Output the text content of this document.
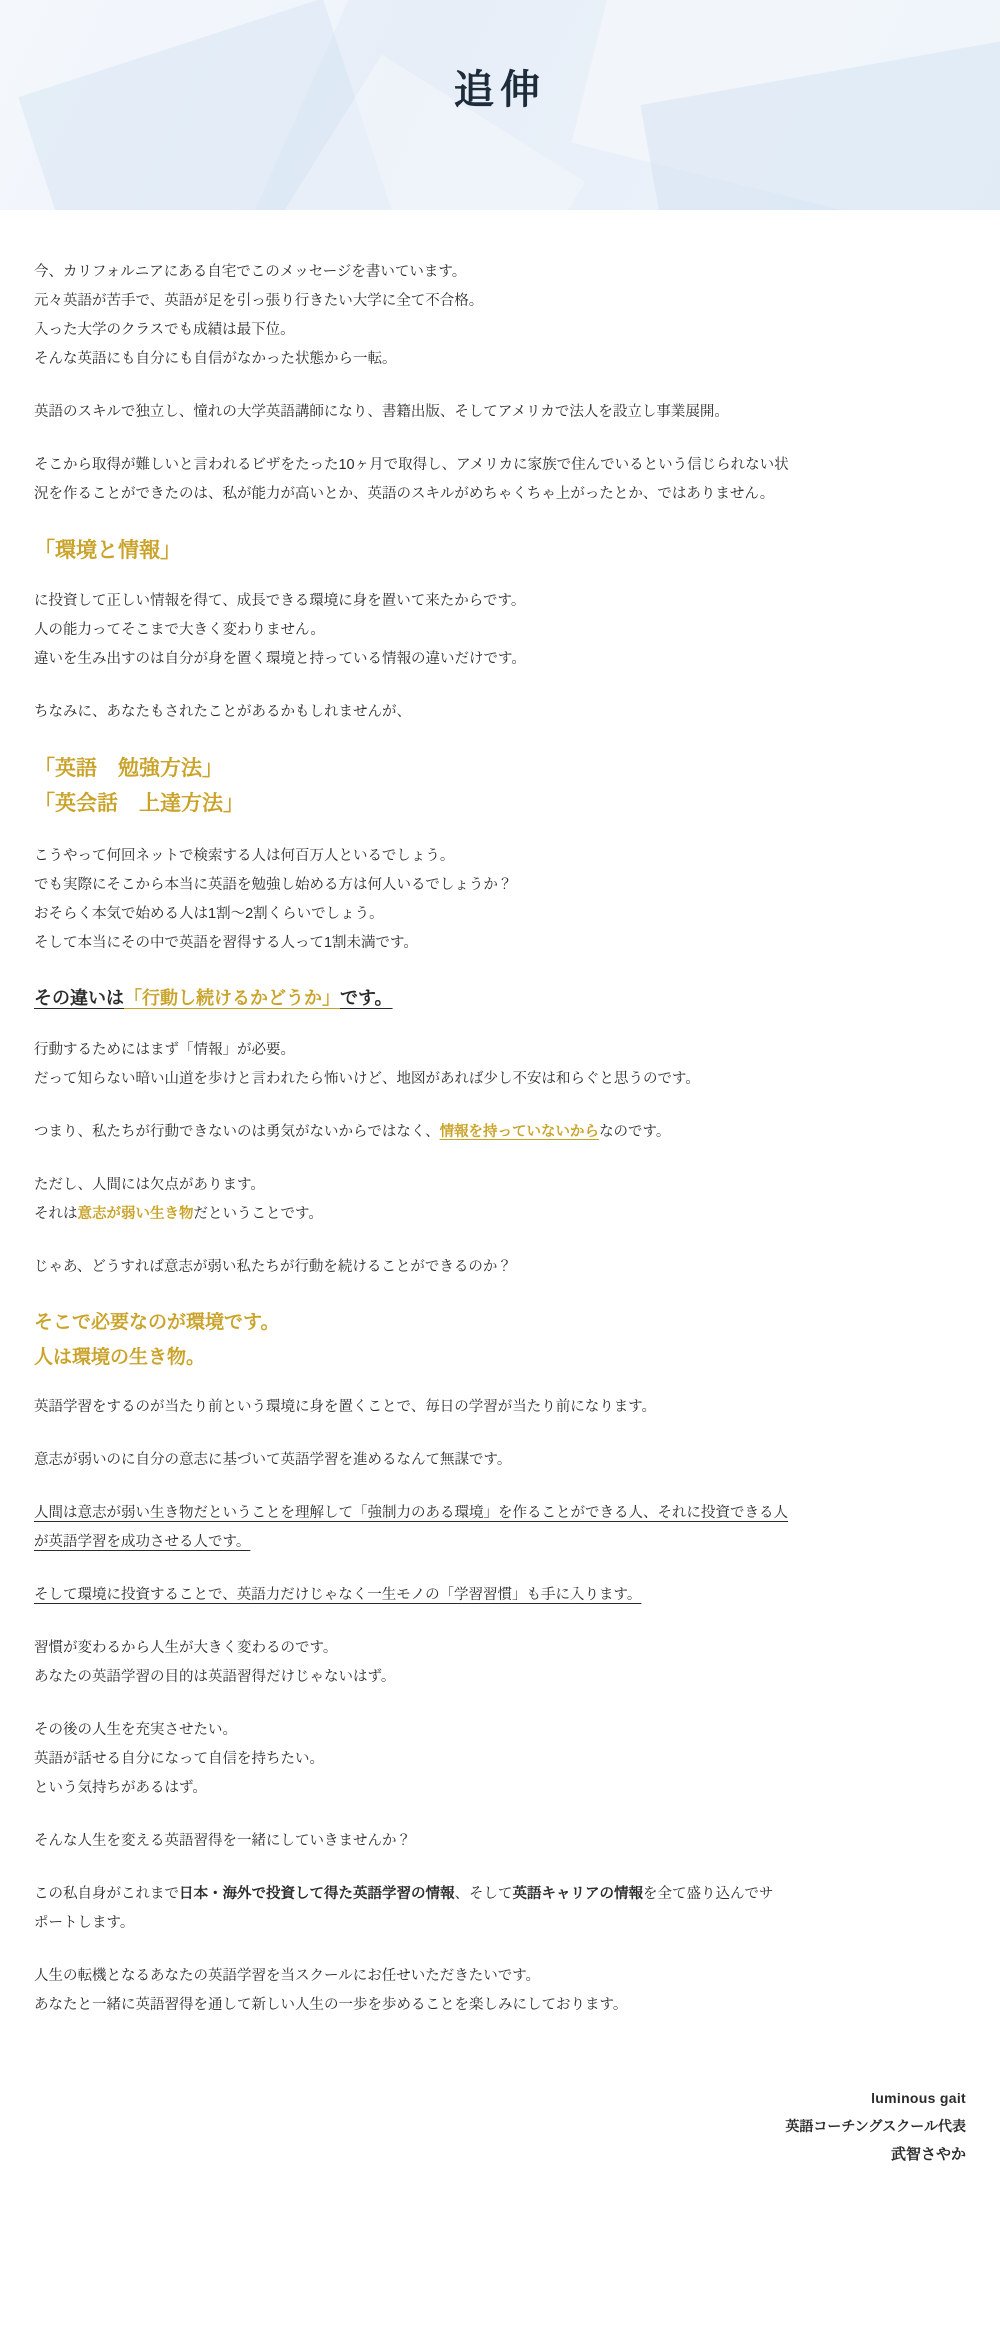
追伸

今、カリフォルニアにある自宅でこのメッセージを書いています。
元々英語が苦手で、英語が足を引っ張り行きたい大学に全て不合格。
入った大学のクラスでも成績は最下位。
そんな英語にも自分にも自信がなかった状態から一転。

英語のスキルで独立し、憧れの大学英語講師になり、書籍出版、そしてアメリカで法人を設立し事業展開。

そこから取得が難しいと言われるビザをたった10ヶ月で取得し、アメリカに家族で住んでいるという信じられない状
況を作ることができたのは、私が能力が高いとか、英語のスキルがめちゃくちゃ上がったとか、ではありません。

「環境と情報」

に投資して正しい情報を得て、成長できる環境に身を置いて来たからです。
人の能力ってそこまで大きく変わりません。
違いを生み出すのは自分が身を置く環境と持っている情報の違いだけです。

ちなみに、あなたもされたことがあるかもしれませんが、

「英語　勉強方法」
「英会話　上達方法」

こうやって何回ネットで検索する人は何百万人といるでしょう。
でも実際にそこから本当に英語を勉強し始める方は何人いるでしょうか？
おそらく本気で始める人は1割〜2割くらいでしょう。
そして本当にその中で英語を習得する人って1割未満です。

その違いは「行動し続けるかどうか」です。

行動するためにはまず「情報」が必要。
だって知らない暗い山道を歩けと言われたら怖いけど、地図があれば少し不安は和らぐと思うのです。

つまり、私たちが行動できないのは勇気がないからではなく、情報を持っていないからなのです。

ただし、人間には欠点があります。
それは意志が弱い生き物だということです。

じゃあ、どうすれば意志が弱い私たちが行動を続けることができるのか？

そこで必要なのが環境です。
人は環境の生き物。

英語学習をするのが当たり前という環境に身を置くことで、毎日の学習が当たり前になります。

意志が弱いのに自分の意志に基づいて英語学習を進めるなんて無謀です。

人間は意志が弱い生き物だということを理解して「強制力のある環境」を作ることができる人、それに投資できる人
が英語学習を成功させる人です。

そして環境に投資することで、英語力だけじゃなく一生モノの「学習習慣」も手に入ります。

習慣が変わるから人生が大きく変わるのです。
あなたの英語学習の目的は英語習得だけじゃないはず。

その後の人生を充実させたい。
英語が話せる自分になって自信を持ちたい。
という気持ちがあるはず。

そんな人生を変える英語習得を一緒にしていきませんか？

この私自身がこれまで日本・海外で投資して得た英語学習の情報、そして英語キャリアの情報を全て盛り込んでサ
ポートします。

人生の転機となるあなたの英語学習を当スクールにお任せいただきたいです。
あなたと一緒に英語習得を通して新しい人生の一歩を歩めることを楽しみにしております。

luminous gait
英語コーチングスクール代表
武智さやか
